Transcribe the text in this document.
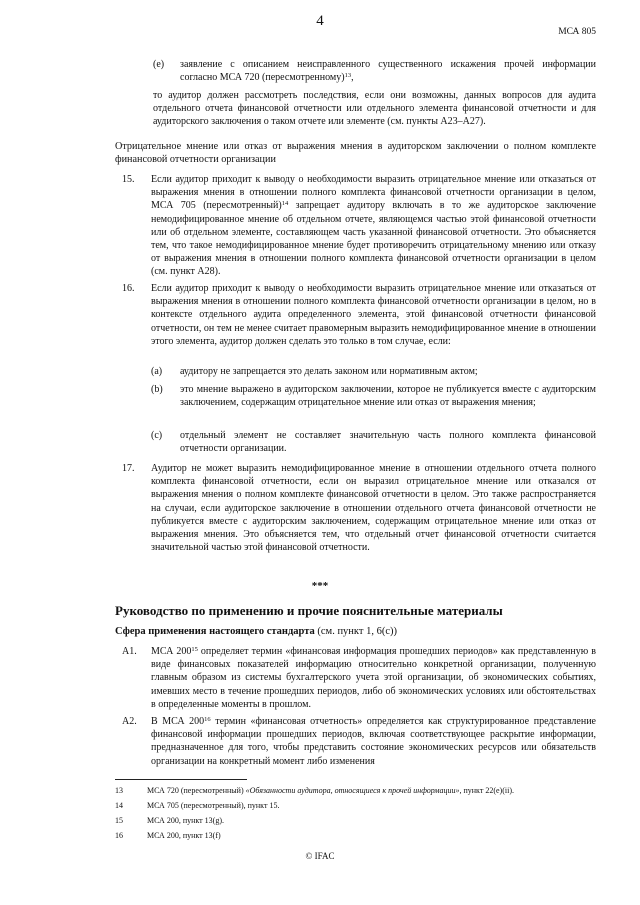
4
МСА 805
(e) заявление с описанием неисправленного существенного искажения прочей информации согласно МСА 720 (пересмотренному)$^{13}$,
то аудитор должен рассмотреть последствия, если они возможны, данных вопросов для аудита отдельного отчета финансовой отчетности или отдельного элемента финансовой отчетности и для аудиторского заключения о таком отчете или элементе (см. пункты A23–A27).
Отрицательное мнение или отказ от выражения мнения в аудиторском заключении о полном комплекте финансовой отчетности организации
15. Если аудитор приходит к выводу о необходимости выразить отрицательное мнение или отказаться от выражения мнения в отношении полного комплекта финансовой отчетности организации в целом, МСА 705 (пересмотренный)$^{14}$ запрещает аудитору включать в то же аудиторское заключение немодифицированное мнение об отдельном отчете, являющемся частью этой финансовой отчетности или об отдельном элементе, составляющем часть указанной финансовой отчетности. Это объясняется тем, что такое немодифицированное мнение будет противоречить отрицательному мнению или отказу от выражения мнения в отношении полного комплекта финансовой отчетности организации в целом (см. пункт A28).
16. Если аудитор приходит к выводу о необходимости выразить отрицательное мнение или отказаться от выражения мнения в отношении полного комплекта финансовой отчетности организации в целом, но в контексте отдельного аудита определенного элемента, этой финансовой отчетности финансовой отчетности, он тем не менее считает правомерным выразить немодифицированное мнение в отношении этого элемента, аудитор должен сделать это только в том случае, если:
(a) аудитору не запрещается это делать законом или нормативным актом;
(b) это мнение выражено в аудиторском заключении, которое не публикуется вместе с аудиторским заключением, содержащим отрицательное мнение или отказ от выражения мнения;
(c) отдельный элемент не составляет значительную часть полного комплекта финансовой отчетности организации.
17. Аудитор не может выразить немодифицированное мнение в отношении отдельного отчета полного комплекта финансовой отчетности, если он выразил отрицательное мнение или отказался от выражения мнения о полном комплекте финансовой отчетности в целом. Это также распространяется на случаи, если аудиторское заключение в отношении отдельного отчета финансовой отчетности не публикуется вместе с аудиторским заключением, содержащим отрицательное мнение или отказ от выражения мнения. Это объясняется тем, что отдельный отчет финансовой отчетности считается значительной частью этой финансовой отчетности.
***
Руководство по применению и прочие пояснительные материалы
Сфера применения настоящего стандарта (см. пункт 1, 6(c))
A1. МСА $200^{15}$ определяет термин «финансовая информация прошедших периодов» как представленную в виде финансовых показателей информацию относительно конкретной организации, полученную главным образом из системы бухгалтерского учета этой организации, об экономических событиях, имевших место в течение прошедших периодов, либо об экономических условиях или обстоятельствах в определенные моменты в прошлом.
A2. В МСА $200^{16}$ термин «финансовая отчетность» определяется как структурированное представление финансовой информации прошедших периодов, включая соответствующее раскрытие информации, предназначенное для того, чтобы представить состояние экономических ресурсов или обязательств организации на конкретный момент либо изменения
13	МСА 720 (пересмотренный) «Обязанности аудитора, относящиеся к прочей информации», пункт 22(e)(ii).
14	МСА 705 (пересмотренный), пункт 15.
15	МСА 200, пункт 13(g).
16	МСА 200, пункт 13(f)
© IFAC
